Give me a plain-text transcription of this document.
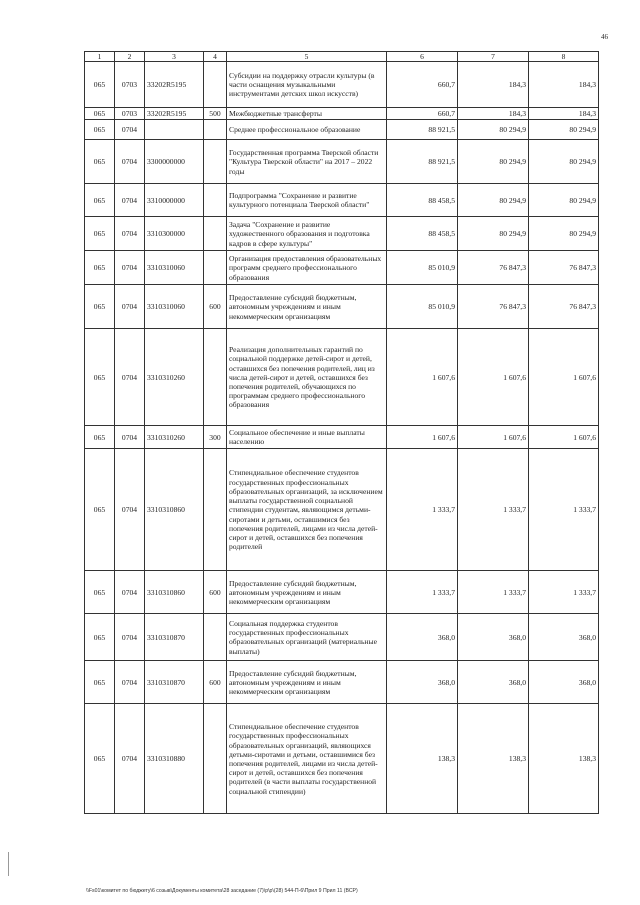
46
1	2	3	4	5	6	7	8
065	0703	33202R5195		Субсидии на поддержку отрасли культуры (в части оснащения музыкальными инструментами детских школ искусств)	660,7	184,3	184,3
065	0703	33202R5195	500	Межбюджетные трансферты	660,7	184,3	184,3
065	0704			Среднее профессиональное образование	88 921,5	80 294,9	80 294,9
065	0704	3300000000		Государственная программа Тверской области "Культура Тверской области" на 2017 – 2022 годы	88 921,5	80 294,9	80 294,9
065	0704	3310000000		Подпрограмма "Сохранение и развитие культурного потенциала Тверской области"	88 458,5	80 294,9	80 294,9
065	0704	3310300000		Задача "Сохранение и развитие художественного образования и подготовка кадров в сфере культуры"	88 458,5	80 294,9	80 294,9
065	0704	3310310060		Организация предоставления образовательных программ среднего профессионального образования	85 010,9	76 847,3	76 847,3
065	0704	3310310060	600	Предоставление субсидий бюджетным, автономным учреждениям и иным некоммерческим организациям	85 010,9	76 847,3	76 847,3
065	0704	3310310260		Реализация дополнительных гарантий по социальной поддержке детей-сирот и детей, оставшихся без попечения родителей, лиц из числа детей-сирот и детей, оставшихся без попечения родителей, обучающихся по программам среднего профессионального образования	1 607,6	1 607,6	1 607,6
065	0704	3310310260	300	Социальное обеспечение и иные выплаты населению	1 607,6	1 607,6	1 607,6
065	0704	3310310860		Стипендиальное обеспечение студентов государственных профессиональных образовательных организаций, за исключением выплаты государственной социальной стипендии студентам, являющимся детьми-сиротами и детьми, оставшимися без попечения родителей, лицами из числа детей-сирот и детей, оставшихся без попечения родителей	1 333,7	1 333,7	1 333,7
065	0704	3310310860	600	Предоставление субсидий бюджетным, автономным учреждениям и иным некоммерческим организациям	1 333,7	1 333,7	1 333,7
065	0704	3310310870		Социальная поддержка студентов государственных профессиональных образовательных организаций (материальные выплаты)	368,0	368,0	368,0
065	0704	3310310870	600	Предоставление субсидий бюджетным, автономным учреждениям и иным некоммерческим организациям	368,0	368,0	368,0
065	0704	3310310880		Стипендиальное обеспечение студентов государственных профессиональных образовательных организаций, являющихся детьми-сиротами и детьми, оставшимися без попечения родителей, лицами из числа детей-сирот и детей, оставшихся без попечения родителей (в части выплаты государственной социальной стипендии)	138,3	138,3	138,3
\\Fs01\комитет по бюджету\6 созыв\Документы комитета\28 заседание (7)\р\р\(28) 544-П-6\Прил 9 Прил 11 (ВСР)
